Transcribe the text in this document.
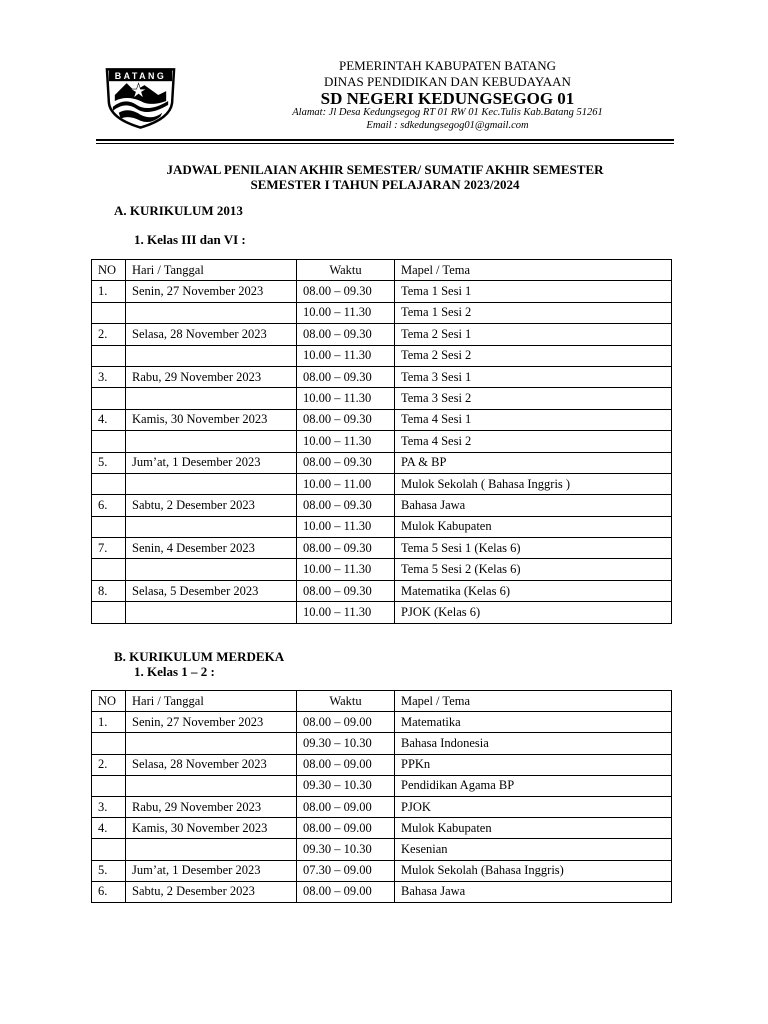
BATANG
PEMERINTAH KABUPATEN BATANG
DINAS PENDIDIKAN DAN KEBUDAYAAN
SD NEGERI KEDUNGSEGOG 01
Alamat: Jl Desa Kedungsegog RT 01 RW 01 Kec.Tulis Kab.Batang 51261
Email : sdkedungsegog01@gmail.com
JADWAL PENILAIAN AKHIR SEMESTER/ SUMATIF AKHIR SEMESTER
SEMESTER I TAHUN PELAJARAN 2023/2024
A. KURIKULUM 2013
1. Kelas III dan VI :
NO	Hari / Tanggal	Waktu	Mapel / Tema
1.	Senin, 27 November 2023	08.00 – 09.30	Tema 1 Sesi 1
		10.00 – 11.30	Tema 1 Sesi 2
2.	Selasa, 28 November 2023	08.00 – 09.30	Tema 2 Sesi 1
		10.00 – 11.30	Tema 2 Sesi 2
3.	Rabu, 29 November 2023	08.00 – 09.30	Tema 3 Sesi 1
		10.00 – 11.30	Tema 3 Sesi 2
4.	Kamis, 30 November 2023	08.00 – 09.30	Tema 4 Sesi 1
		10.00 – 11.30	Tema 4 Sesi 2
5.	Jum’at, 1 Desember 2023	08.00 – 09.30	PA & BP
		10.00 – 11.00	Mulok Sekolah ( Bahasa Inggris )
6.	Sabtu, 2 Desember 2023	08.00 – 09.30	Bahasa Jawa
		10.00 – 11.30	Mulok Kabupaten
7.	Senin, 4 Desember 2023	08.00 – 09.30	Tema 5 Sesi 1 (Kelas 6)
		10.00 – 11.30	Tema 5 Sesi 2 (Kelas 6)
8.	Selasa, 5 Desember 2023	08.00 – 09.30	Matematika (Kelas 6)
		10.00 – 11.30	PJOK (Kelas 6)
B. KURIKULUM MERDEKA
1. Kelas 1 – 2 :
NO	Hari / Tanggal	Waktu	Mapel / Tema
1.	Senin, 27 November 2023	08.00 – 09.00	Matematika
		09.30 – 10.30	Bahasa Indonesia
2.	Selasa, 28 November 2023	08.00 – 09.00	PPKn
		09.30 – 10.30	Pendidikan Agama BP
3.	Rabu, 29 November 2023	08.00 – 09.00	PJOK
4.	Kamis, 30 November 2023	08.00 – 09.00	Mulok Kabupaten
		09.30 – 10.30	Kesenian
5.	Jum’at, 1 Desember 2023	07.30 – 09.00	Mulok Sekolah (Bahasa Inggris)
6.	Sabtu, 2 Desember 2023	08.00 – 09.00	Bahasa Jawa
